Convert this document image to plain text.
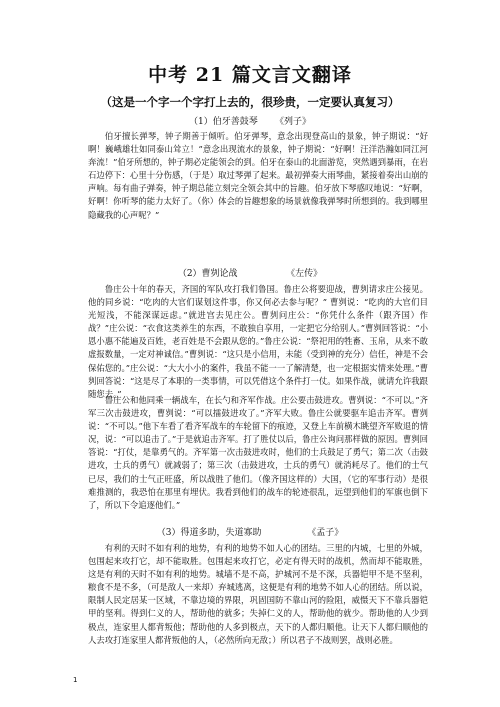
中考 21 篇文言文翻译
（这是一个字一个字打上去的，很珍贵，一定要认真复习）
（1）伯牙善鼓琴      《列子》

伯牙擅长弹琴，钟子期善于倾听。伯牙弹琴，意念出现登高山的景象，钟子期说：“好啊！巍峨雄壮如同泰山耸立！”意念出现流水的景象，钟子期说：“好啊！汪洋浩瀚如同江河奔流！”伯牙所想的，钟子期必定能领会的到。伯牙在泰山的北面游览，突然遇到暴雨，在岩石边停下：心里十分伤感，（于是）取过琴弹了起来。最初弹奏大雨琴曲，紧接着奏出山崩的声响。每有曲子弹奏，钟子期总能立刻完全领会其中的旨趣。伯牙放下琴感叹地说：“好啊，好啊！你听琴的能力太好了。（你）体会的旨趣想象的场景就像我弹琴时所想到的。我到哪里隐藏我的心声呢？”

（2）曹刿论战                 《左传》

鲁庄公十年的春天，齐国的军队攻打我们鲁国。鲁庄公将要迎战，曹刿请求庄公接见。他的同乡说：“吃肉的大官们谋划这件事，你又何必去参与呢？” 曹刿说：“吃肉的大官们目光短浅，不能深谋远虑。”就进宫去见庄公。曹刿问庄公：“你凭什么条件（跟齐国）作战？”庄公说：“衣食这类养生的东西，不敢独自享用，一定把它分给别人。”曹刿回答说：“小恩小惠不能遍及百姓，老百姓是不会跟从您的。”鲁庄公说：“祭祀用的牲畜、玉帛，从来不敢虚报数量，一定对神诚信。”曹刿说：“这只是小信用，未能（受到神的充分）信任，神是不会保佑您的。”庄公说：“大大小小的案件，我虽不能一一了解清楚，也一定根据实情来处理。”曹刿回答说：“这是尽了本职的一类事情，可以凭借这个条件打一仗。如果作战，就请允许我跟随您去。”

鲁庄公和他同乘一辆战车，在长勺和齐军作战。庄公要击鼓进攻。曹刿说：“不可以。”齐军三次击鼓进攻，曹刿说：“可以擂鼓进攻了。”齐军大败。鲁庄公就要驱车追击齐军。曹刿说：“不可以。”他下车看了看齐军战车的车轮留下的痕迹，又登上车前横木眺望齐军败退的情况，说：“可以追击了。”于是就追击齐军。打了胜仗以后，鲁庄公询问那样做的原因。曹刿回答说：“打仗，是靠勇气的。齐军第一次击鼓进攻时，他们的士兵鼓足了勇气；第二次（击鼓进攻，士兵的勇气）就减弱了；第三次（击鼓进攻，士兵的勇气）就消耗尽了。他们的士气已尽，我们的士气正旺盛，所以战胜了他们。（像齐国这样的）大国，（它的军事行动）是很难推测的，我恐怕在那里有埋伏。我看到他们的战车的轮迹很乱，远望到他们的军旗也倒下了，所以下令追逐他们。”

（3）得道多助，失道寡助                《孟子》

有利的天时不如有利的地势，有利的地势不如人心的团结。三里的内城，七里的外城，包围起来攻打它，却不能取胜。包围起来攻打它，必定有得天时的战机，然而却不能取胜，这是有利的天时不如有利的地势。城墙不是不高，护城河不是不深，兵器铠甲不是不坚利，粮食不是不多，（可是敌人一来却）弃城逃离，这便是有利的地势不如人心的团结。所以说，限制人民定居某一区域，不靠边境的界限，巩固国防不靠山河的险阻，威慑天下不靠兵器铠甲的坚利。得到仁义的人，帮助他的就多；失掉仁义的人，帮助他的就少。帮助他的人少到极点，连家里人都背叛他；帮助他的人多到极点，天下的人都归顺他。让天下人都归顺他的人去攻打连家里人都背叛他的人，（必然所向无敌；）所以君子不战则罢，战则必胜。

1
